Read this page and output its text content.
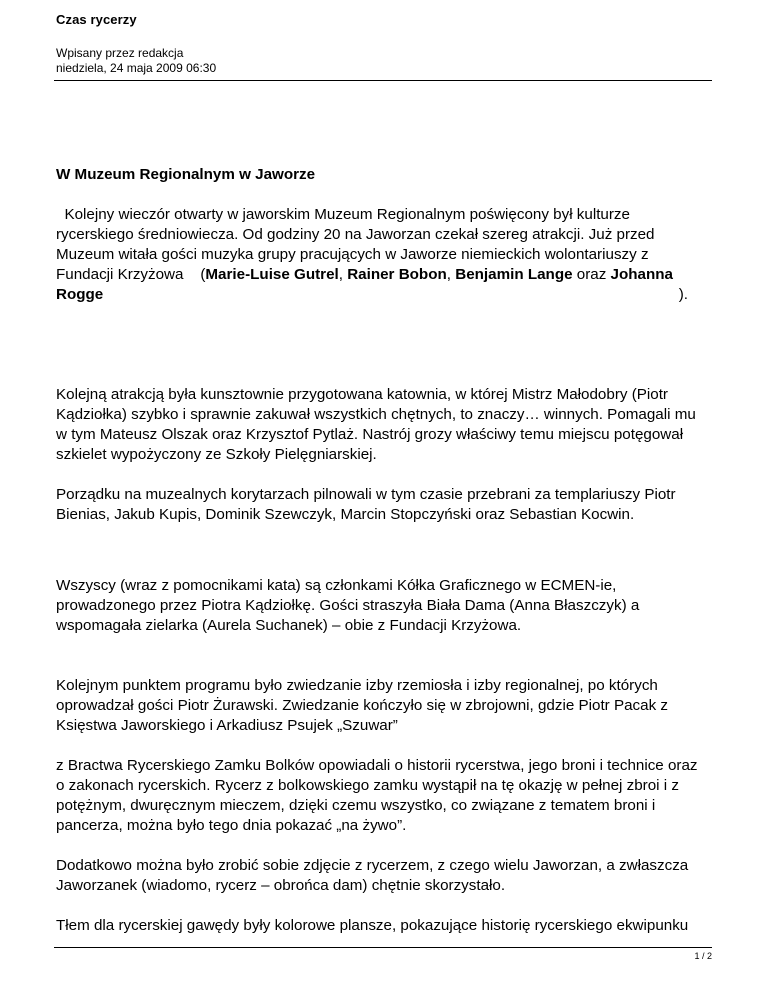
Czas rycerzy
Wpisany przez redakcja
niedziela, 24 maja 2009 06:30

W Muzeum Regionalnym w Jaworze

Kolejny wieczór otwarty w jaworskim Muzeum Regionalnym poświęcony był kulturze rycerskiego średniowiecza. Od godziny 20 na Jaworzan czekał szereg atrakcji. Już przed Muzeum witała gości muzyka grupy pracujących w Jaworze niemieckich wolontariuszy z Fundacji Krzyżowa    (Marie-Luise Gutrel, Rainer Bobon, Benjamin Lange oraz Johanna

Rogge	).

Kolejną atrakcją była kunsztownie przygotowana katownia, w której Mistrz Małodobry (Piotr Kądziołka) szybko i sprawnie zakuwał wszystkich chętnych, to znaczy… winnych. Pomagali mu w tym Mateusz Olszak oraz Krzysztof Pytlaż. Nastrój grozy właściwy temu miejscu potęgował szkielet wypożyczony ze Szkoły Pielęgniarskiej.

Porządku na muzealnych korytarzach pilnowali w tym czasie przebrani za templariuszy Piotr Bienias, Jakub Kupis, Dominik Szewczyk, Marcin Stopczyński oraz Sebastian Kocwin.

Wszyscy (wraz z pomocnikami kata) są członkami Kółka Graficznego w ECMEN-ie, prowadzonego przez Piotra Kądziołkę. Gości straszyła Biała Dama (Anna Błaszczyk) a wspomagała zielarka (Aurela Suchanek) – obie z Fundacji Krzyżowa.

Kolejnym punktem programu było zwiedzanie izby rzemiosła i izby regionalnej, po których oprowadzał gości Piotr Żurawski. Zwiedzanie kończyło się w zbrojowni, gdzie Piotr Pacak z Księstwa Jaworskiego i Arkadiusz Psujek „Szuwar”

z Bractwa Rycerskiego Zamku Bolków opowiadali o historii rycerstwa, jego broni i technice oraz o zakonach rycerskich. Rycerz z bolkowskiego zamku wystąpił na tę okazję w pełnej zbroi i z potężnym, dwuręcznym mieczem, dzięki czemu wszystko, co związane z tematem broni i pancerza, można było tego dnia pokazać „na żywo”.

Dodatkowo można było zrobić sobie zdjęcie z rycerzem, z czego wielu Jaworzan, a zwłaszcza Jaworzanek (wiadomo, rycerz – obrońca dam) chętnie skorzystało.

Tłem dla rycerskiej gawędy były kolorowe plansze, pokazujące historię rycerskiego ekwipunku

1 / 2
